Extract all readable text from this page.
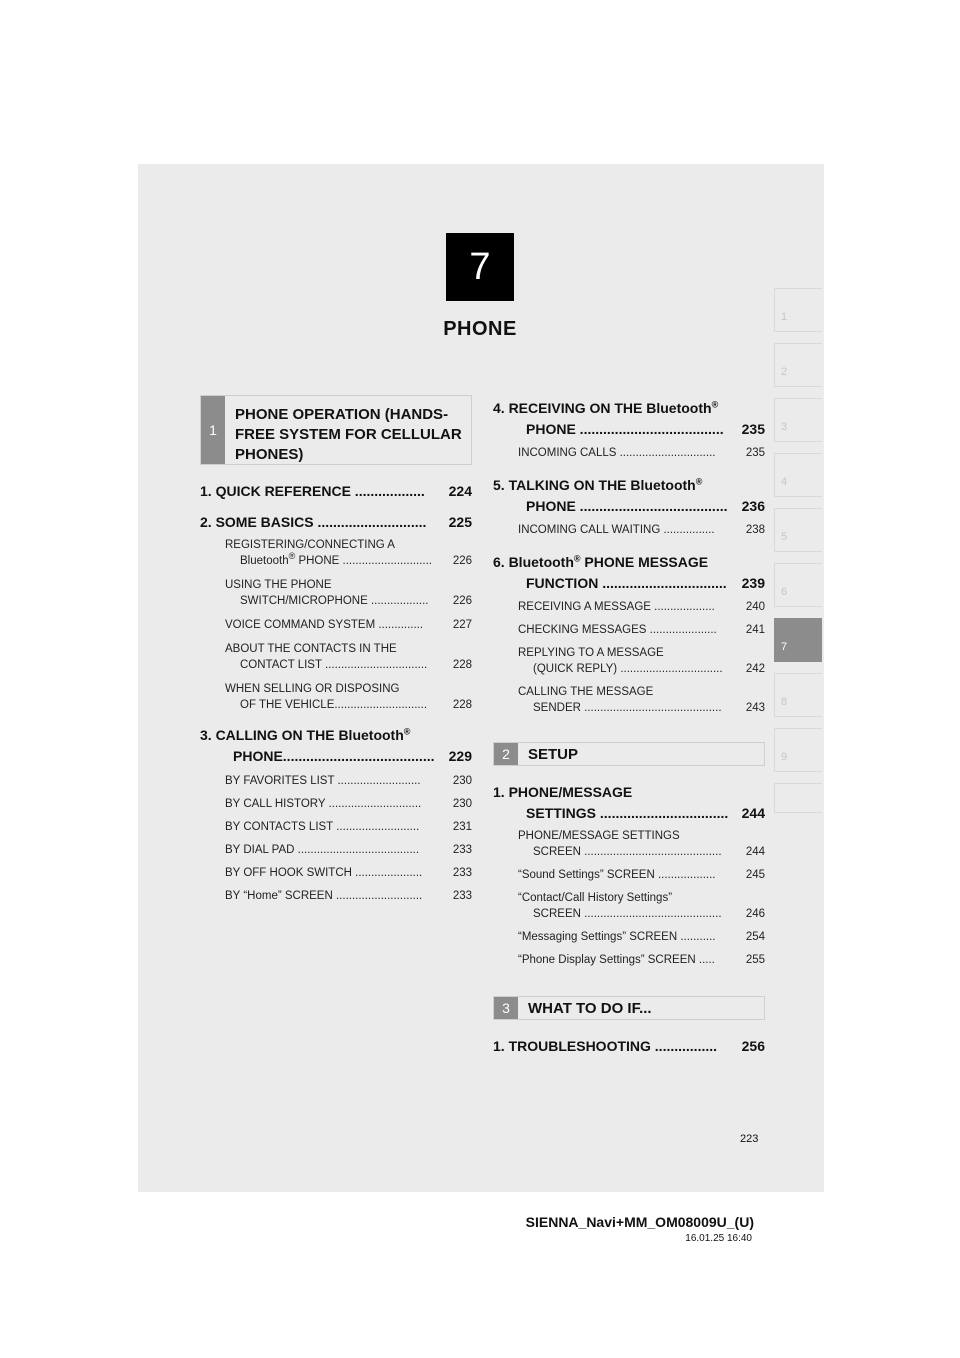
7
PHONE
1
2
3
4
5
6
7
8
9
1
PHONE OPERATION (HANDS-FREE SYSTEM FOR CELLULAR PHONES)
1. QUICK REFERENCE ..................	224
2. SOME BASICS ............................	225
REGISTERING/CONNECTING A
Bluetooth® PHONE ............................	226
USING THE PHONE
SWITCH/MICROPHONE ..................	226
VOICE COMMAND SYSTEM ..............	227
ABOUT THE CONTACTS IN THE
CONTACT LIST ................................	228
WHEN SELLING OR DISPOSING
OF THE VEHICLE.............................	228
3. CALLING ON THE Bluetooth®
PHONE.......................................	229
BY FAVORITES LIST ..........................	230
BY CALL HISTORY .............................	230
BY CONTACTS LIST ..........................	231
BY DIAL PAD ......................................	233
BY OFF HOOK SWITCH .....................	233
BY “Home” SCREEN ...........................	233
4. RECEIVING ON THE Bluetooth®
PHONE .....................................	235
INCOMING CALLS ..............................	235
5. TALKING ON THE Bluetooth®
PHONE ......................................	236
INCOMING CALL WAITING ................	238
6. Bluetooth® PHONE MESSAGE
FUNCTION ................................	239
RECEIVING A MESSAGE ...................	240
CHECKING MESSAGES .....................	241
REPLYING TO A MESSAGE
(QUICK REPLY) ................................	242
CALLING THE MESSAGE
SENDER ...........................................	243
2	SETUP
1. PHONE/MESSAGE
SETTINGS ................................. 244
PHONE/MESSAGE SETTINGS
SCREEN ...........................................	244
“Sound Settings” SCREEN ..................	245
“Contact/Call History Settings”
SCREEN ...........................................	246
“Messaging Settings” SCREEN ...........	254
“Phone Display Settings” SCREEN .....	255
3	WHAT TO DO IF...
1. TROUBLESHOOTING ................	256
223
SIENNA_Navi+MM_OM08009U_(U)
16.01.25 16:40
